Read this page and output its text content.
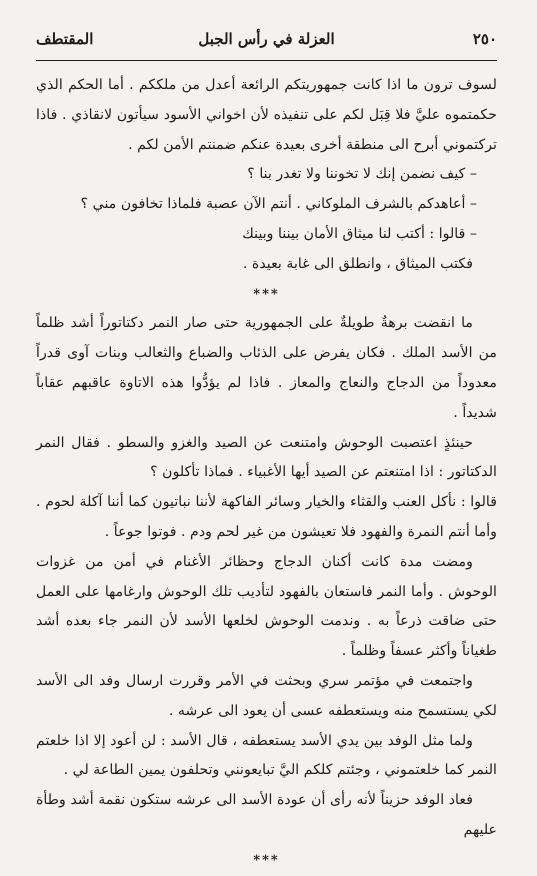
٢٥٠
العزلة في رأس الجبل
المقتطف

لسوف ترون ما اذا كانت جمهوريتكم الرائعة أعدل من ملككم . أما الحكم الذي حكمتموه عليَّ فلا قِبَل لكم على تنفيذه لأن اخواني الأسود سيأتون لانقاذي . فاذا تركتموني أبرح الى منطقة أخرى بعيدة عنكم ضمنتم الأمن لكم .

– كيف نضمن إنك لا تخوننا ولا تغدر بنا ؟

– أعاهدكم بالشرف الملوكاني . أنتم الآن عصبة فلماذا تخافون مني ؟

– قالوا : أكتب لنا ميثاق الأمان بيننا وبينك

فكتب الميثاق ، وانطلق الى غابة بعيدة .

***

ما انقضت برهةٌ طويلةٌ على الجمهورية حتى صار النمر دكتاتوراً أشد ظلماً من الأسد الملك . فكان يفرض على الذئاب والضباع والثعالب وبنات آوى قدراً معدوداً من الدجاج والنعاج والمعاز . فاذا لم يؤدُّوا هذه الاتاوة عاقبهم عقاباً شديداً .

حينئذٍ اعتصبت الوحوش وامتنعت عن الصيد والغزو والسطو . فقال النمر الدكتاتور : اذا امتنعتم عن الصيد أيها الأغبياء . فماذا تأكلون ؟

قالوا : نأكل العنب والقثاء والخيار وسائر الفاكهة لأننا نباتيون كما أننا آكلة لحوم . وأما أنتم النمرة والفهود فلا تعيشون من غير لحم ودم . فوتوا جوعاً .

ومضت مدة كانت أكنان الدجاج وحظائر الأغنام في أمن من غزوات الوحوش . وأما النمر فاستعان بالفهود لتأديب تلك الوحوش وارغامها على العمل حتى ضاقت ذرعاً به . وندمت الوحوش لخلعها الأسد لأن النمر جاء بعده أشد طغياناً وأكثر عسفاً وظلماً .

واجتمعت في مؤتمر سري وبحثت في الأمر وقررت ارسال وفد الى الأسد لكي يستسمح منه ويستعطفه عسى أن يعود الى عرشه .

ولما مثل الوفد بين يدي الأسد يستعطفه ، قال الأسد : لن أعود إلا اذا خلعتم النمر كما خلعتموني ، وجئتم كلكم اليَّ تبايعونني وتحلفون يمين الطاعة لي .

فعاد الوفد حزيناً لأنه رأى أن عودة الأسد الى عرشه ستكون نقمة أشد وطأة عليهم

***
